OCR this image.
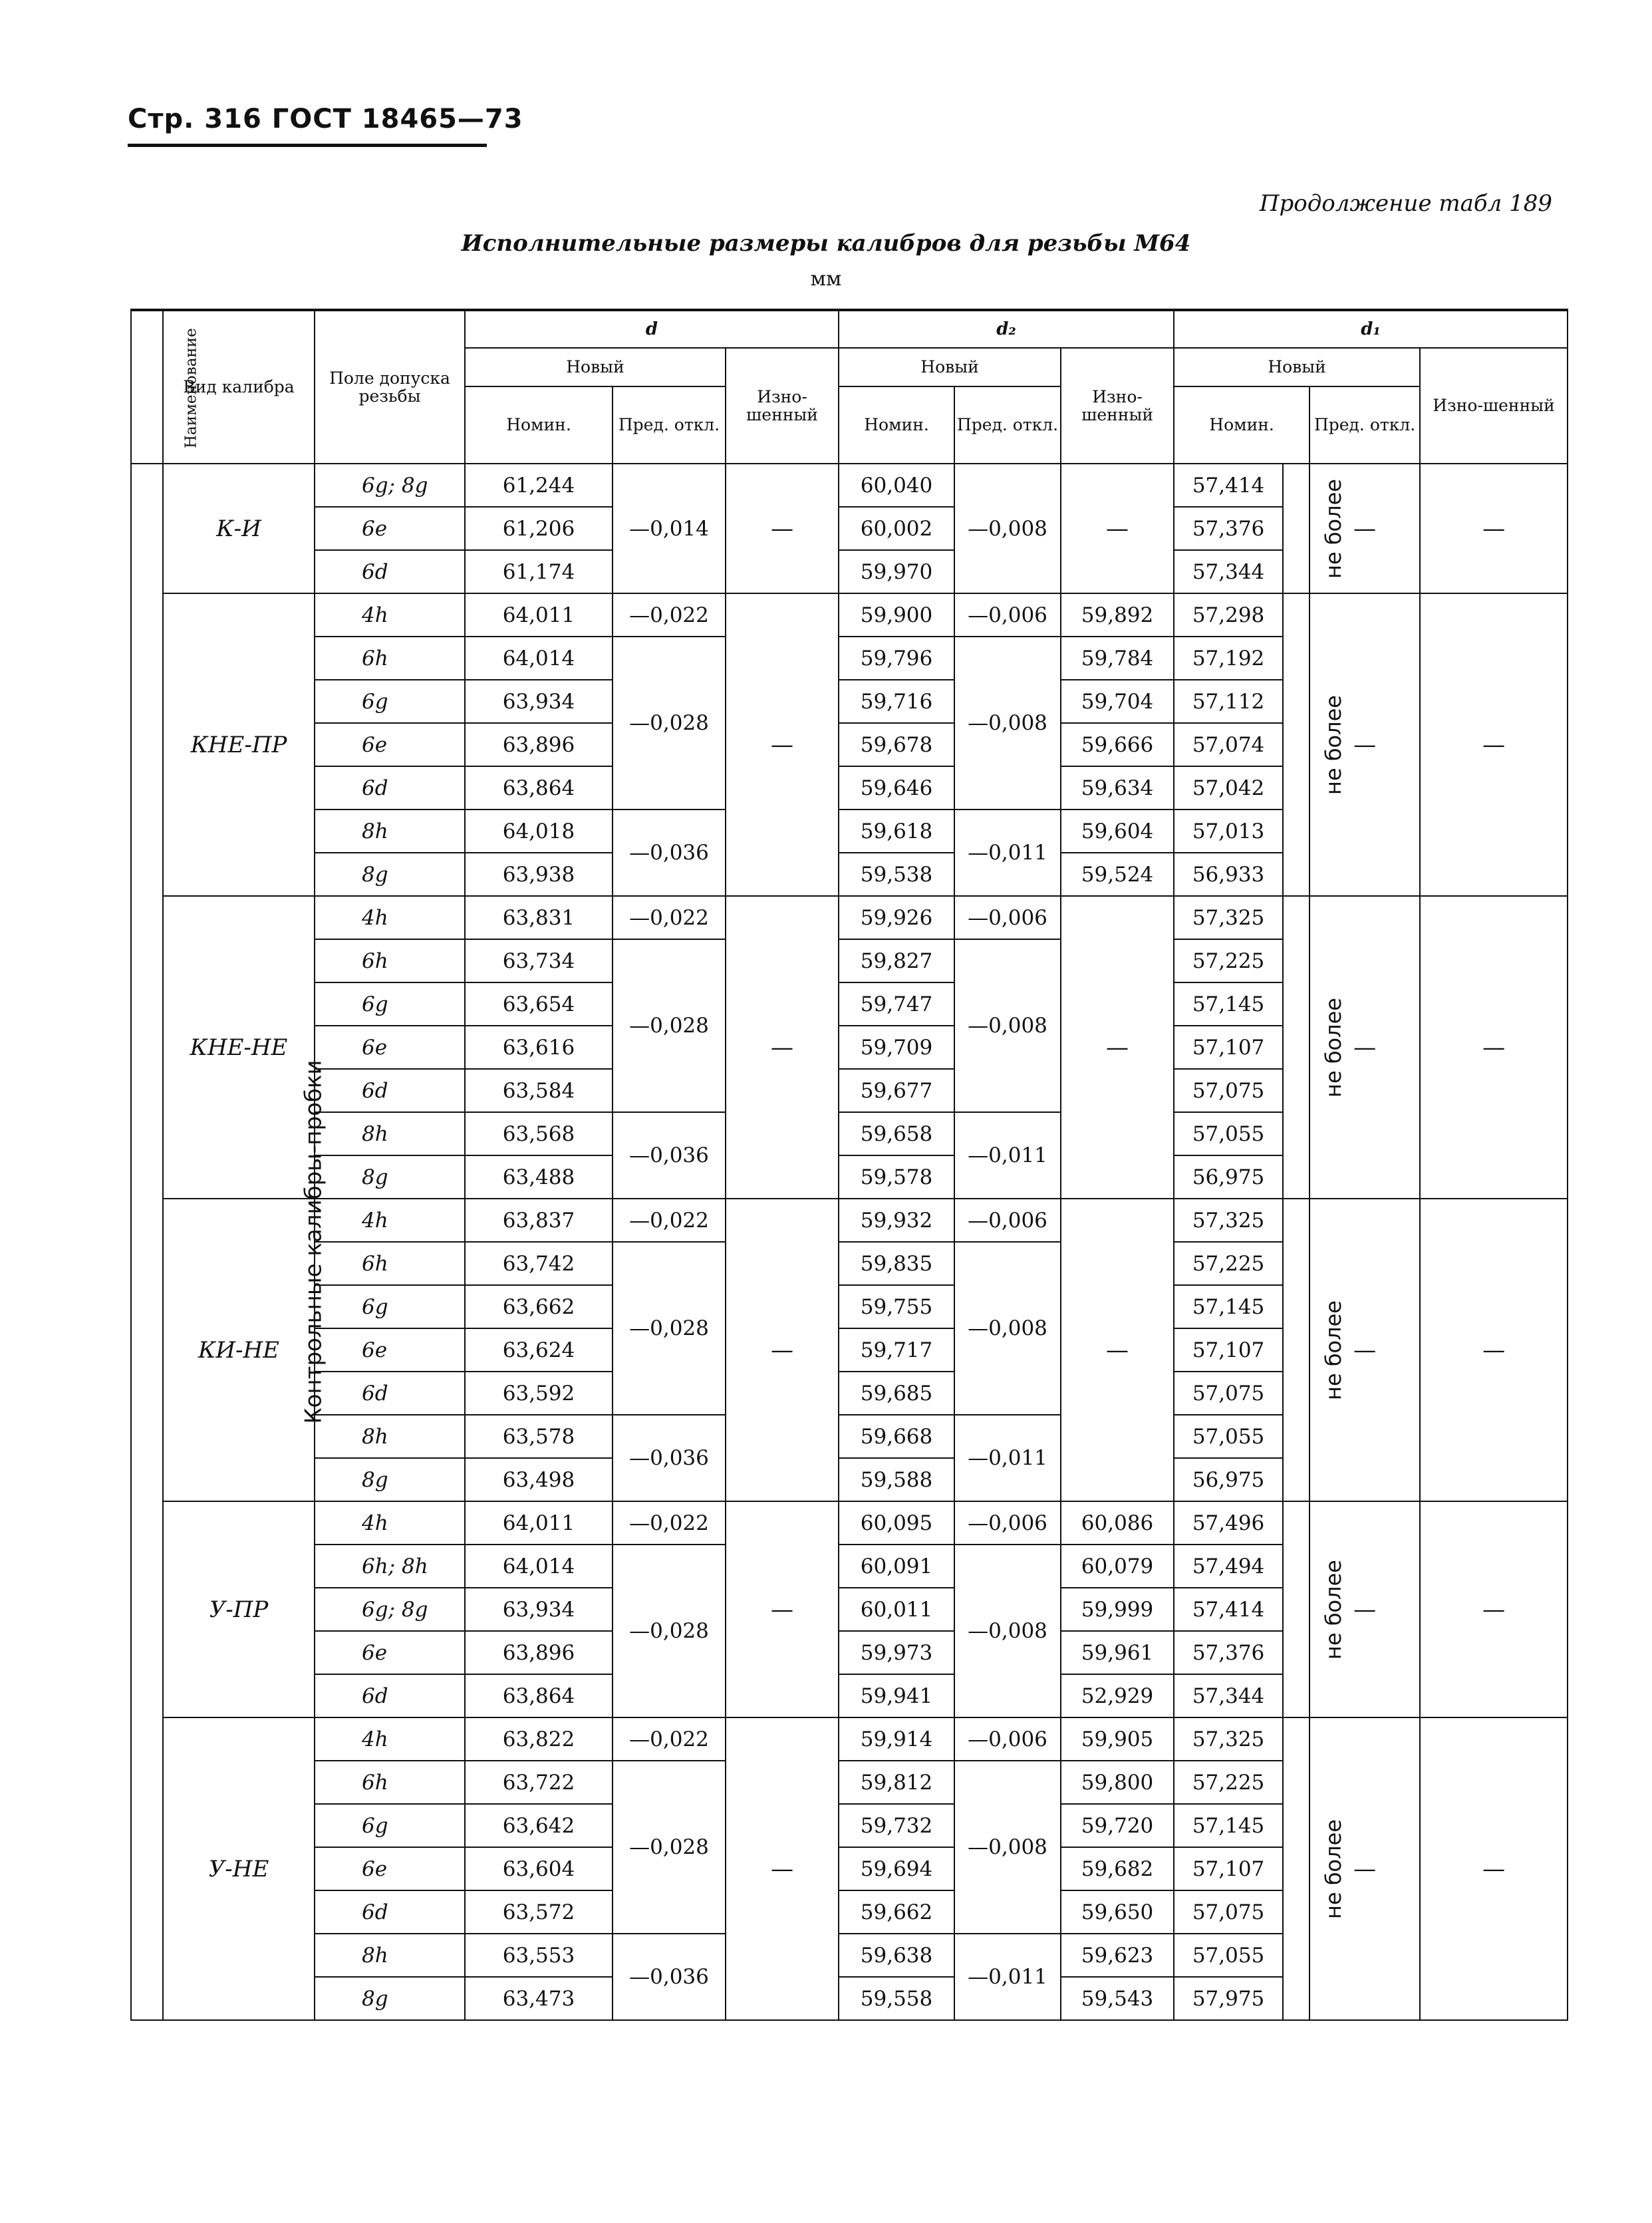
Стр. 316 ГОСТ 18465—73
Продолжение табл 189
Исполнительные размеры калибров для резьбы М64
мм
Наименование	Вид калибра	Поле допуска резьбы	d			d₂			d₁			
			Новый		Изно-шенный	Новый		Изно-шенный	Новый			Изно-шенный
			Номин.	Пред. откл.		Номин.	Пред. откл.		Номин.		Пред. откл.	
Контрольные калибры-пробки	К-И	6g; 8g	61,244	—0,014	—	60,040	—0,008	—	57,414	не более	—	—
		6e	61,206			60,002			57,376			
		6d	61,174			59,970			57,344			
	КНЕ-ПР	4h	64,011	—0,022	—	59,900	—0,006	59,892	57,298	не более	—	—
		6h	64,014	—0,028		59,796	—0,008	59,784	57,192			
		6g	63,934			59,716		59,704	57,112			
		6e	63,896			59,678		59,666	57,074			
		6d	63,864			59,646		59,634	57,042			
		8h	64,018	—0,036		59,618	—0,011	59,604	57,013			
		8g	63,938			59,538		59,524	56,933			
	КНЕ-НЕ	4h	63,831	—0,022	—	59,926	—0,006	—	57,325	не более	—	—
		6h	63,734	—0,028		59,827	—0,008		57,225			
		6g	63,654			59,747			57,145			
		6e	63,616			59,709			57,107			
		6d	63,584			59,677			57,075			
		8h	63,568	—0,036		59,658	—0,011		57,055			
		8g	63,488			59,578			56,975			
	КИ-НЕ	4h	63,837	—0,022	—	59,932	—0,006	—	57,325	не более	—	—
		6h	63,742	—0,028		59,835	—0,008		57,225			
		6g	63,662			59,755			57,145			
		6e	63,624			59,717			57,107			
		6d	63,592			59,685			57,075			
		8h	63,578	—0,036		59,668	—0,011		57,055			
		8g	63,498			59,588			56,975			
	У-ПР	4h	64,011	—0,022	—	60,095	—0,006	60,086	57,496	не более	—	—
		6h; 8h	64,014	—0,028		60,091	—0,008	60,079	57,494			
		6g; 8g	63,934			60,011		59,999	57,414			
		6e	63,896			59,973		59,961	57,376			
		6d	63,864			59,941		52,929	57,344			
	У-НЕ	4h	63,822	—0,022	—	59,914	—0,006	59,905	57,325	не более	—	—
		6h	63,722	—0,028		59,812	—0,008	59,800	57,225			
		6g	63,642			59,732		59,720	57,145			
		6e	63,604			59,694		59,682	57,107			
		6d	63,572			59,662		59,650	57,075			
		8h	63,553	—0,036		59,638	—0,011	59,623	57,055			
		8g	63,473			59,558		59,543	57,975			
